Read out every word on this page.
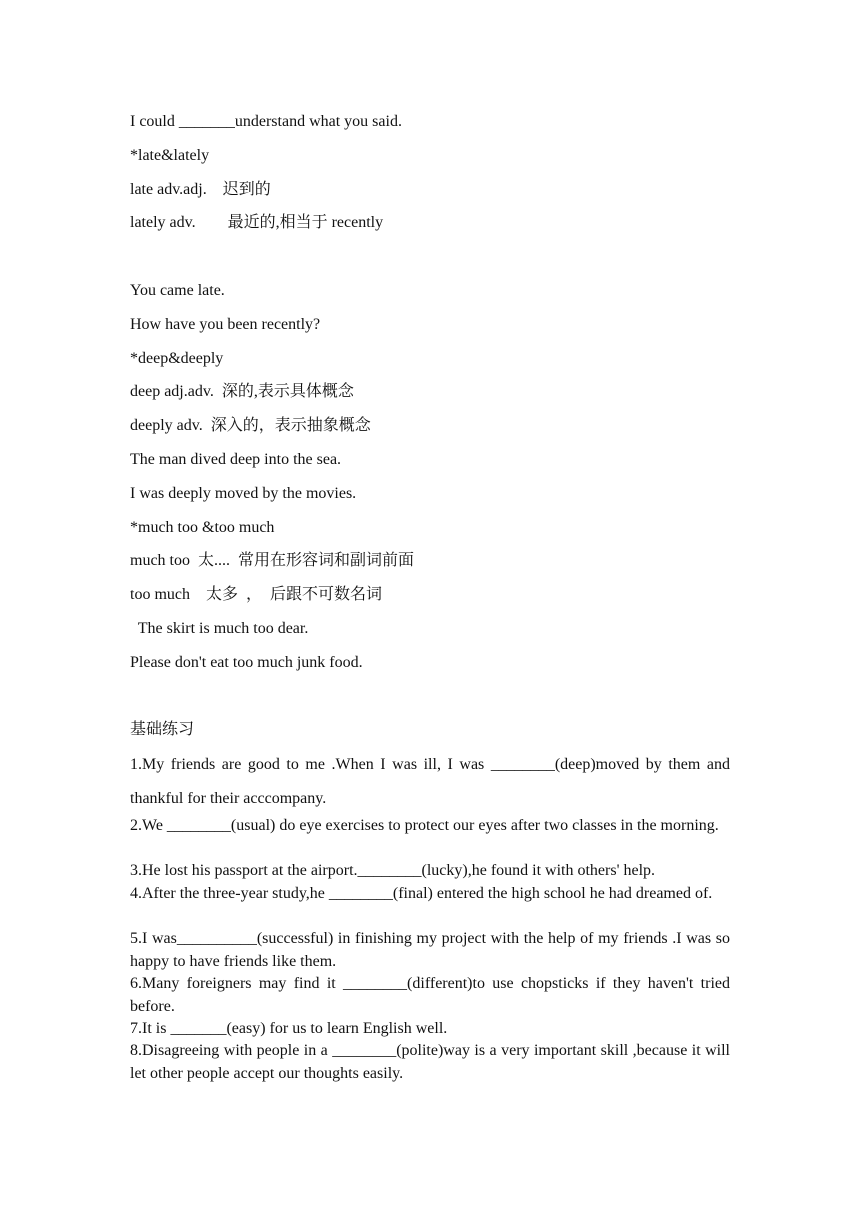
I could _______understand what you said.
*late&lately
late adv.adj.    迟到的
lately adv.        最近的,相当于 recently
You came late.
How have you been recently?
*deep&deeply
deep adj.adv.  深的,表示具体概念
deeply adv.  深入的，表示抽象概念
The man dived deep into the sea.
I was deeply moved by the movies.
*much too &too much
much too  太....  常用在形容词和副词前面
too much    太多  ，  后跟不可数名词
The skirt is much too dear.
Please don't eat too much junk food.
基础练习
1.My friends are good to me .When I was ill, I was ________(deep)moved by them and thankful for their acccompany.
2.We ________(usual) do eye exercises to protect our eyes after two classes in the morning.
3.He lost his passport at the airport.________(lucky),he found it with others' help.
4.After the three-year study,he ________(final) entered the high school he had dreamed of.
5.I was__________(successful) in finishing my project with the help of my friends .I was so happy to have friends like them.
6.Many foreigners may find it ________(different)to use chopsticks if they haven't tried before.
7.It is _______(easy) for us to learn English well.
8.Disagreeing with people in a ________(polite)way is a very important skill ,because it will let other people accept our thoughts easily.
